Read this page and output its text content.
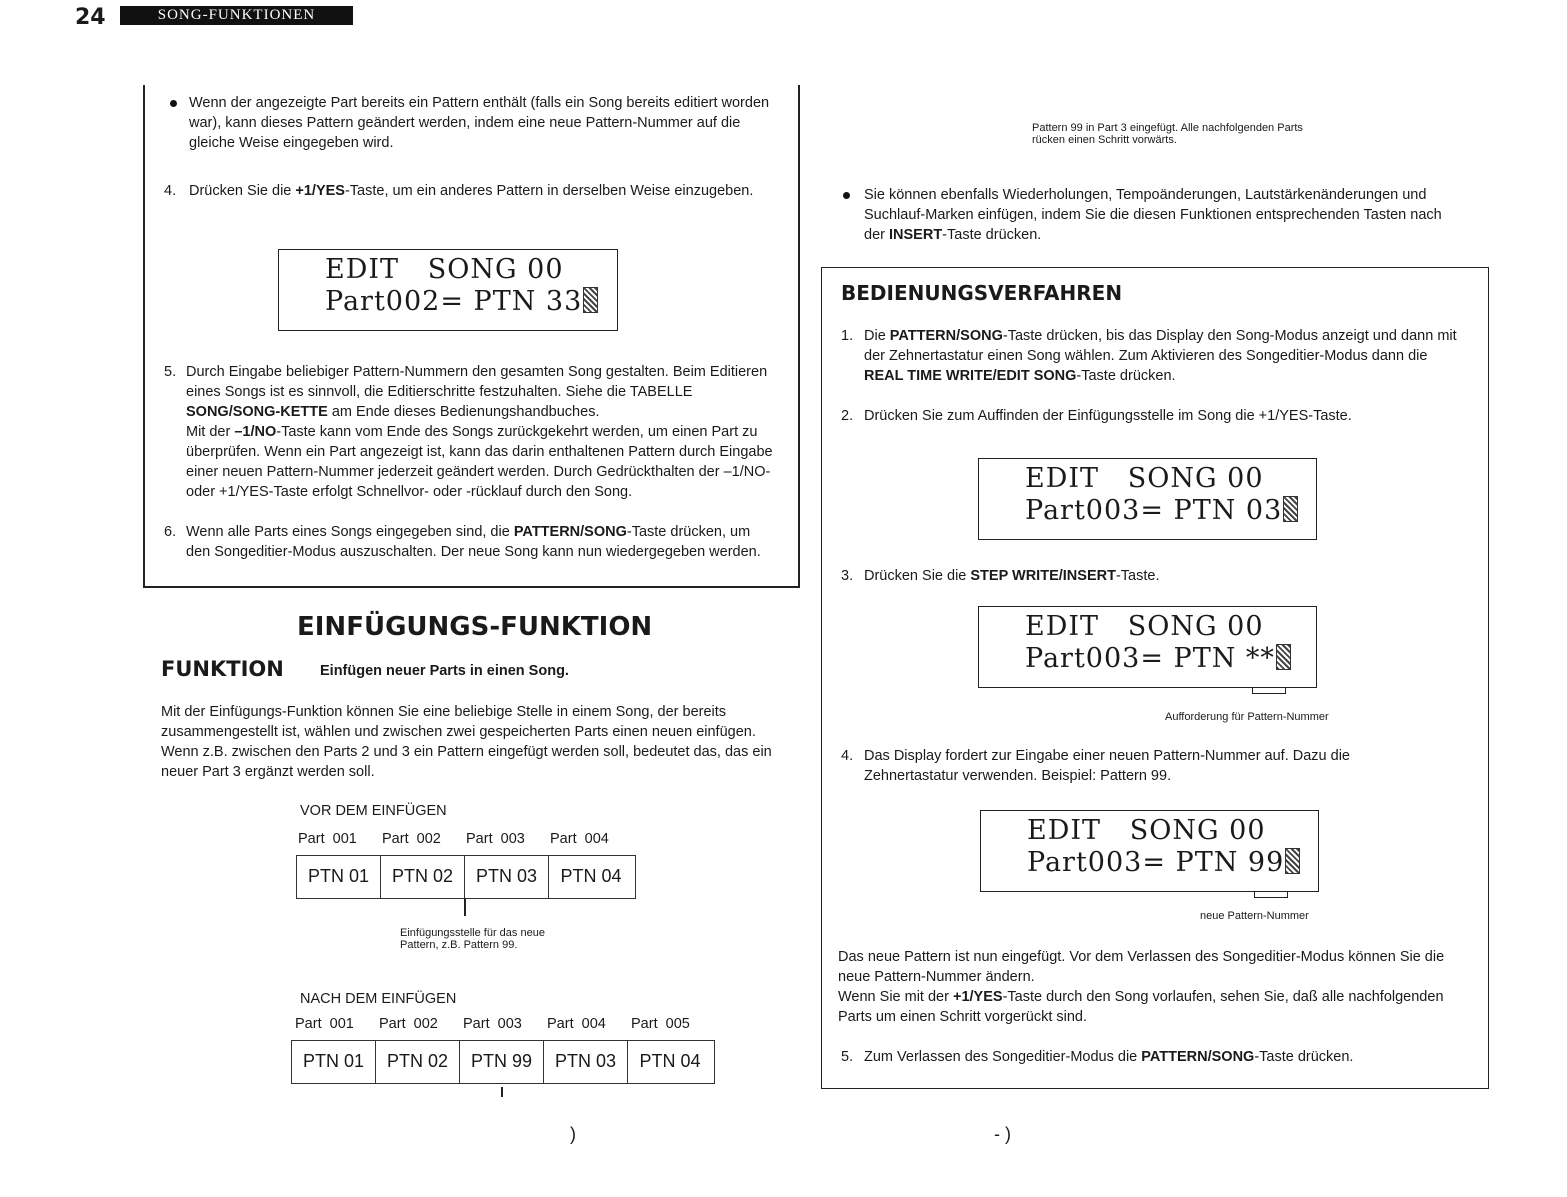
24	SONG-FUNKTIONEN
Wenn der angezeigte Part bereits ein Pattern enthält (falls ein Song bereits editiert worden war), kann dieses Pattern geändert werden, indem eine neue Pattern-Nummer auf die gleiche Weise eingegeben wird.
4. Drücken Sie die +1/YES-Taste, um ein anderes Pattern in derselben Weise einzugeben.
EDIT   SONG 00
Part002= PTN 33
5. Durch Eingabe beliebiger Pattern-Nummern den gesamten Song gestalten. Beim Editieren eines Songs ist es sinnvoll, die Editierschritte festzuhalten. Siehe die TABELLE SONG/SONG-KETTE am Ende dieses Bedienungshandbuches.
Mit der –1/NO-Taste kann vom Ende des Songs zurückgekehrt werden, um einen Part zu überprüfen. Wenn ein Part angezeigt ist, kann das darin enthaltenen Pattern durch Eingabe einer neuen Pattern-Nummer jederzeit geändert werden. Durch Gedrückthalten der –1/NO- oder +1/YES-Taste erfolgt Schnellvor- oder -rücklauf durch den Song.
6. Wenn alle Parts eines Songs eingegeben sind, die PATTERN/SONG-Taste drücken, um den Songeditier-Modus auszuschalten. Der neue Song kann nun wiedergegeben werden.
EINFÜGUNGS-FUNKTION
FUNKTION Einfügen neuer Parts in einen Song.
Mit der Einfügungs-Funktion können Sie eine beliebige Stelle in einem Song, der bereits zusammengestellt ist, wählen und zwischen zwei gespeicherten Parts einen neuen einfügen. Wenn z.B. zwischen den Parts 2 und 3 ein Pattern eingefügt werden soll, bedeutet das, das ein neuer Part 3 ergänzt werden soll.
VOR DEM EINFÜGEN
Part  001	Part  002	Part  003	Part  004
PTN 01	PTN 02	PTN 03	PTN 04
Einfügungsstelle für das neue Pattern, z.B. Pattern 99.
NACH DEM EINFÜGEN
Part  001	Part  002	Part  003	Part  004	Part  005
PTN 01	PTN 02	PTN 99	PTN 03	PTN 04
)
Pattern 99 in Part 3 eingefügt. Alle nachfolgenden Parts rücken einen Schritt vorwärts.
Sie können ebenfalls Wiederholungen, Tempoänderungen, Lautstärkenänderungen und Suchlauf-Marken einfügen, indem Sie die diesen Funktionen entsprechenden Tasten nach der INSERT-Taste drücken.
BEDIENUNGSVERFAHREN
1. Die PATTERN/SONG-Taste drücken, bis das Display den Song-Modus anzeigt und dann mit der Zehnertastatur einen Song wählen. Zum Aktivieren des Songeditier-Modus dann die REAL TIME WRITE/EDIT SONG-Taste drücken.
2. Drücken Sie zum Auffinden der Einfügungsstelle im Song die +1/YES-Taste.
EDIT   SONG 00
Part003= PTN 03
3. Drücken Sie die STEP WRITE/INSERT-Taste.
EDIT   SONG 00
Part003= PTN **
Aufforderung für Pattern-Nummer
4. Das Display fordert zur Eingabe einer neuen Pattern-Nummer auf. Dazu die Zehnertastatur verwenden. Beispiel: Pattern 99.
EDIT   SONG 00
Part003= PTN 99
neue Pattern-Nummer
Das neue Pattern ist nun eingefügt. Vor dem Verlassen des Songeditier-Modus können Sie die neue Pattern-Nummer ändern.
Wenn Sie mit der +1/YES-Taste durch den Song vorlaufen, sehen Sie, daß alle nachfolgenden Parts um einen Schritt vorgerückt sind.
5. Zum Verlassen des Songeditier-Modus die PATTERN/SONG-Taste drücken.
- )
